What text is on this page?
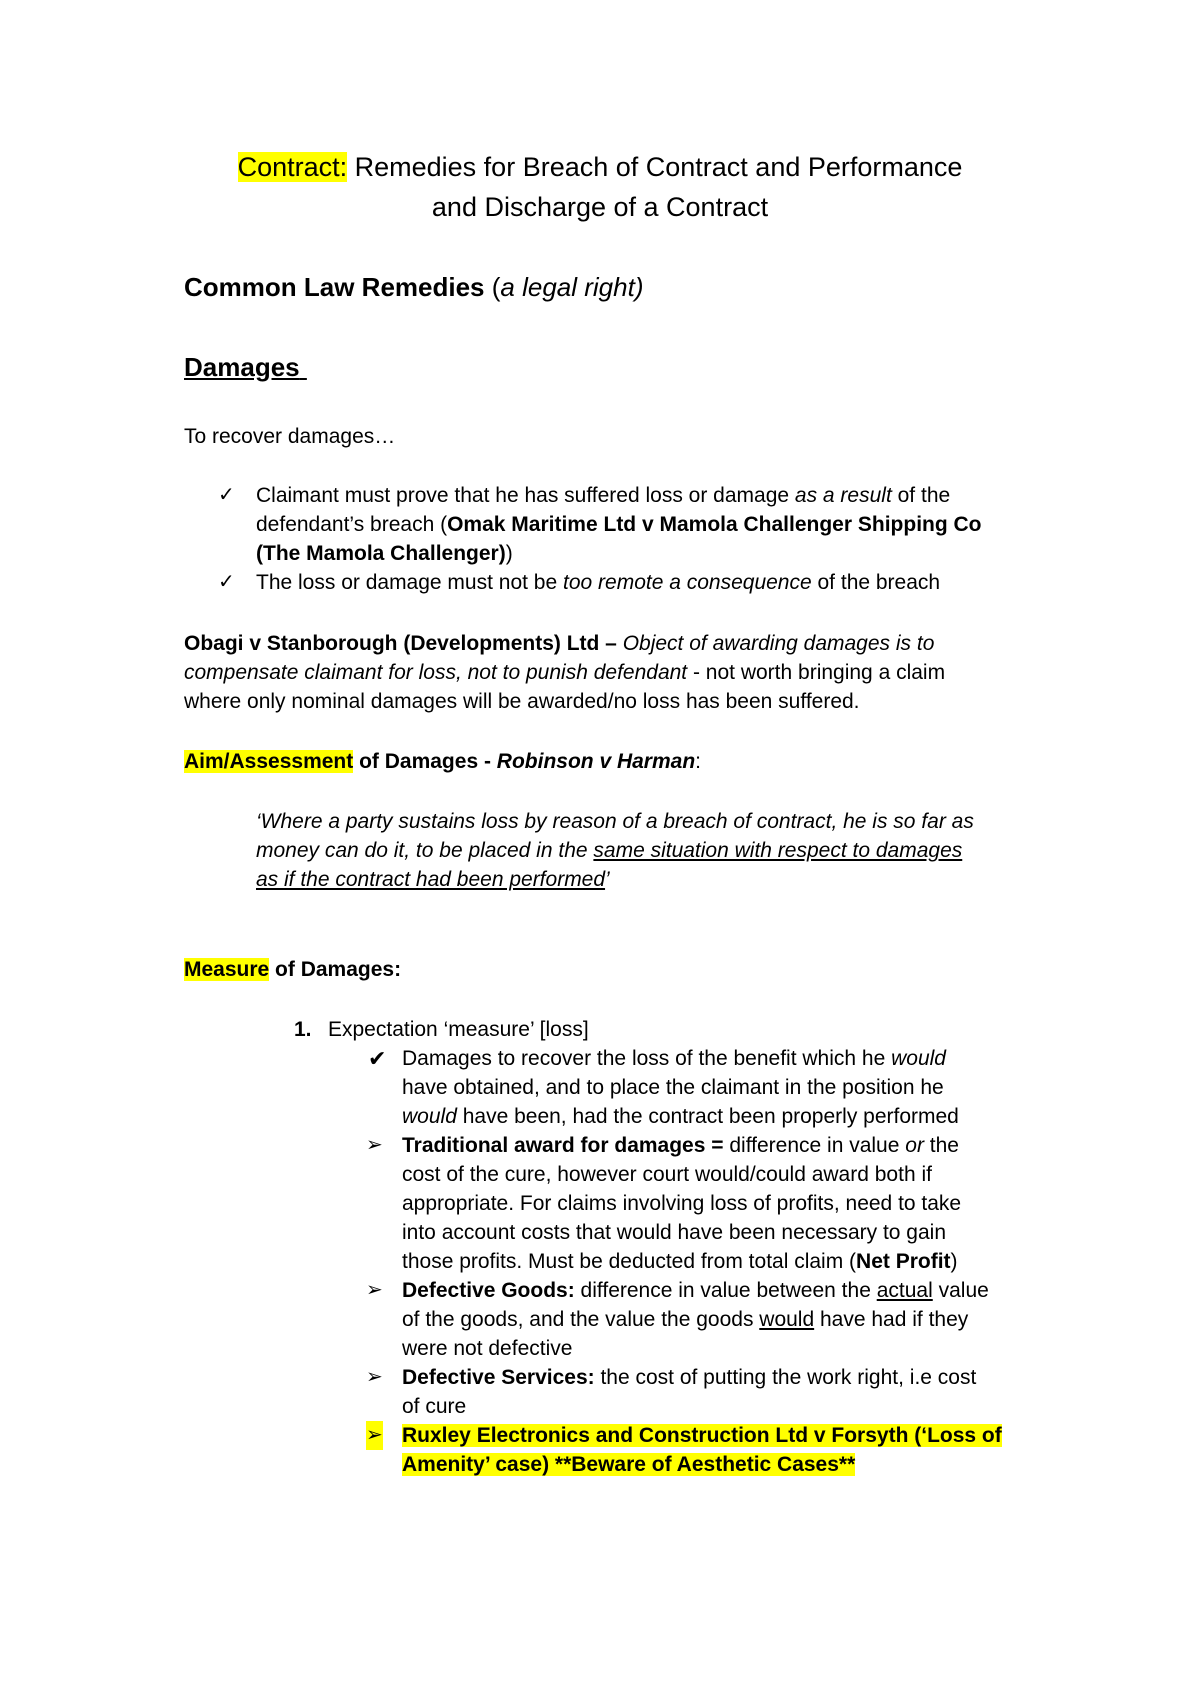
Contract: Remedies for Breach of Contract and Performance
and Discharge of a Contract
Common Law Remedies (a legal right)
Damages
To recover damages…
✓ Claimant must prove that he has suffered loss or damage as a result of the
defendant’s breach (Omak Maritime Ltd v Mamola Challenger Shipping Co
(The Mamola Challenger))
✓ The loss or damage must not be too remote a consequence of the breach
Obagi v Stanborough (Developments) Ltd – Object of awarding damages is to
compensate claimant for loss, not to punish defendant - not worth bringing a claim
where only nominal damages will be awarded/no loss has been suffered.
Aim/Assessment of Damages - Robinson v Harman:
‘Where a party sustains loss by reason of a breach of contract, he is so far as
money can do it, to be placed in the same situation with respect to damages
as if the contract had been performed’
Measure of Damages:
1. Expectation ‘measure’ [loss]
✔ Damages to recover the loss of the benefit which he would
have obtained, and to place the claimant in the position he
would have been, had the contract been properly performed
➢ Traditional award for damages = difference in value or the
cost of the cure, however court would/could award both if
appropriate. For claims involving loss of profits, need to take
into account costs that would have been necessary to gain
those profits. Must be deducted from total claim (Net Profit)
➢ Defective Goods: difference in value between the actual value
of the goods, and the value the goods would have had if they
were not defective
➢ Defective Services: the cost of putting the work right, i.e cost
of cure
➢ Ruxley Electronics and Construction Ltd v Forsyth (‘Loss of
Amenity’ case) **Beware of Aesthetic Cases**
